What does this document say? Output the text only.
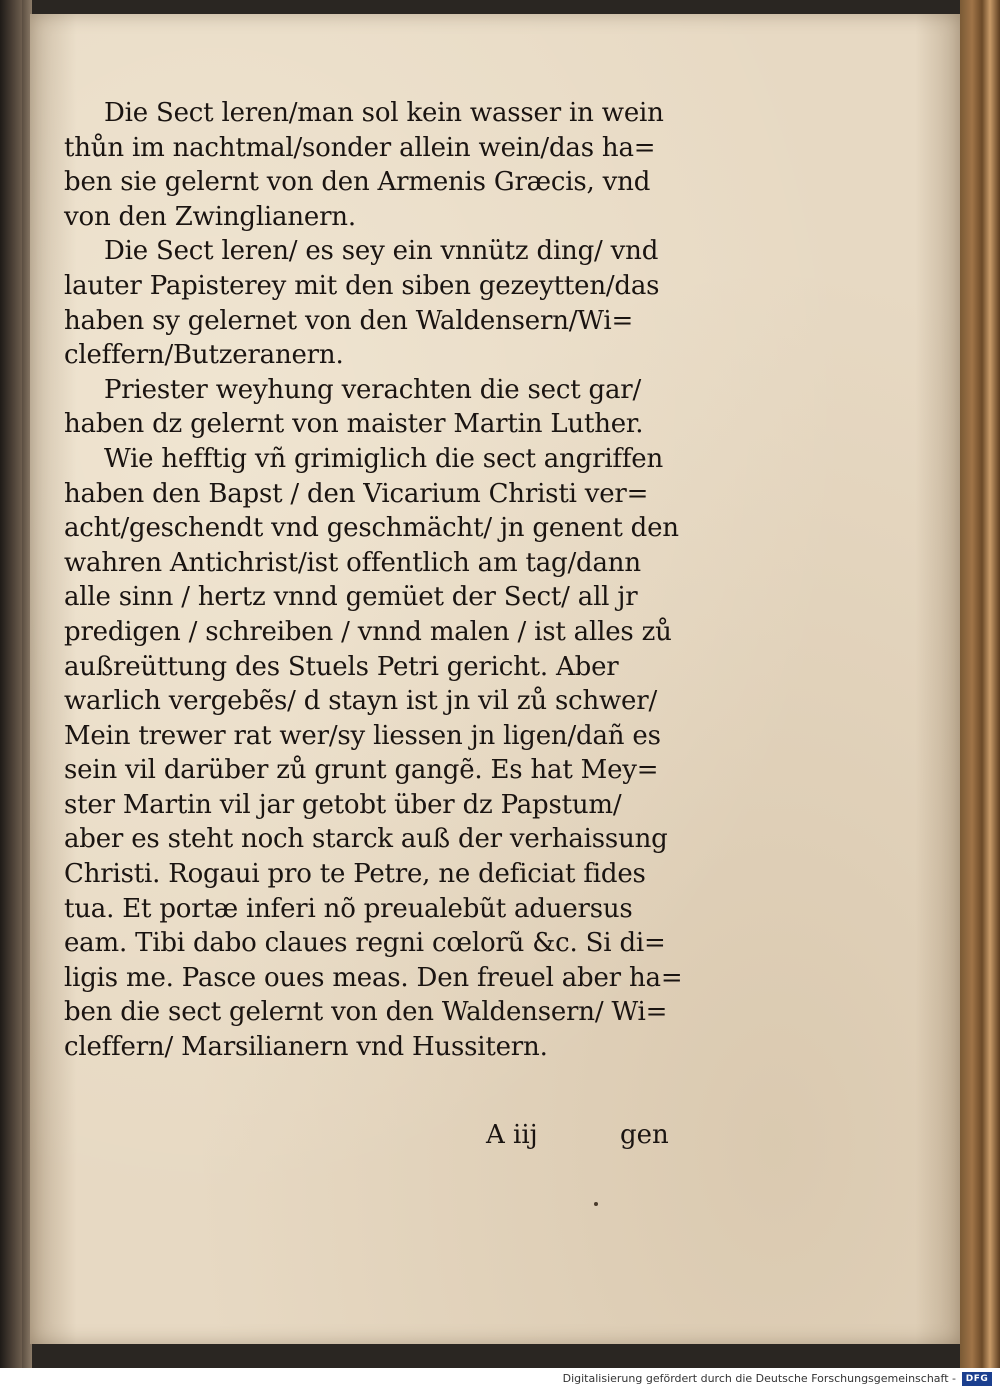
Die Sect leren/man sol kein wasser in wein
thůn im nachtmal/sonder allein wein/das ha=
ben sie gelernt von den Armenis Græcis, vnd
von den Zwinglianern.
Die Sect leren/ es sey ein vnnütz ding/ vnd
lauter Papisterey mit den siben gezeytten/das
haben sy gelernet von den Waldensern/Wi=
cleffern/Butzeranern.
Priester weyhung verachten die sect gar/
haben dz gelernt von maister Martin Luther.
Wie hefftig vñ grimiglich die sect angriffen
haben den Bapst / den Vicarium Christi ver=
acht/geschendt vnd geschmächt/ jn genent den
wahren Antichrist/ist offentlich am tag/dann
alle sinn / hertz vnnd gemüet der Sect/ all jr
predigen / schreiben / vnnd malen / ist alles zů
außreüttung des Stuels Petri gericht. Aber
warlich vergebẽs/ d stayn ist jn vil zů schwer/
Mein trewer rat wer/sy liessen jn ligen/dañ es
sein vil darüber zů grunt gangẽ. Es hat Mey=
ster Martin vil jar getobt über dz Papstum/
aber es steht noch starck auß der verhaissung
Christi. Rogaui pro te Petre, ne deficiat fides
tua. Et portæ inferi nõ preualebũt aduersus
eam. Tibi dabo claues regni cœlorũ &c. Si di=
ligis me. Pasce oues meas. Den freuel aber ha=
ben die sect gelernt von den Waldensern/ Wi=
cleffern/ Marsilianern vnd Hussitern.
A iij	gen
Digitalisierung gefördert durch die Deutsche Forschungsgemeinschaft -	DFG
